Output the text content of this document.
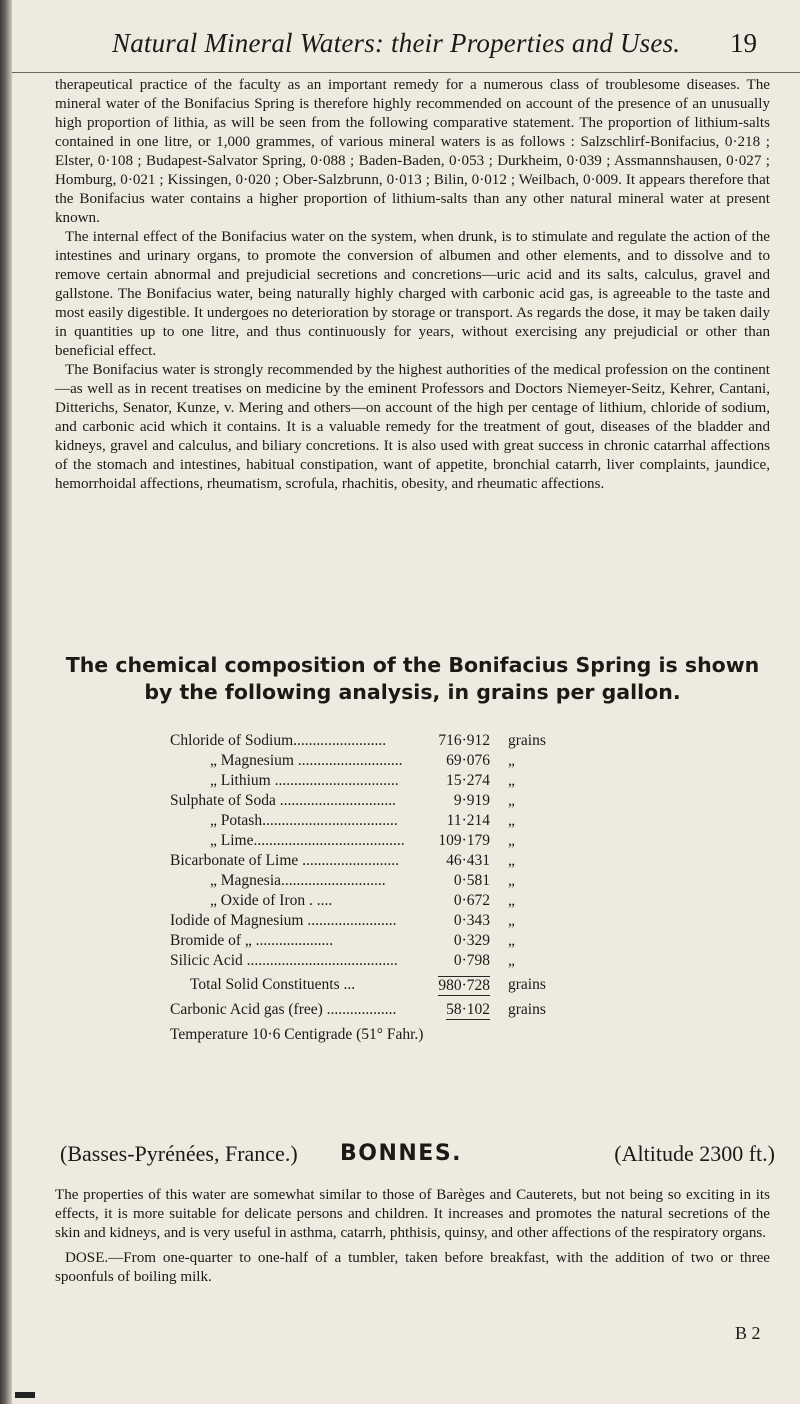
Natural Mineral Waters: their Properties and Uses. 19

therapeutical practice of the faculty as an important remedy for a numerous class of troublesome diseases. The mineral water of the Bonifacius Spring is therefore highly recommended on account of the presence of an unusually high proportion of lithia, as will be seen from the following comparative statement. The proportion of lithium-salts contained in one litre, or 1,000 grammes, of various mineral waters is as follows : Salzschlirf-Bonifacius, 0·218 ; Elster, 0·108 ; Budapest-Salvator Spring, 0·088 ; Baden-Baden, 0·053 ; Durkheim, 0·039 ; Assmannshausen, 0·027 ; Homburg, 0·021 ; Kissingen, 0·020 ; Ober-Salzbrunn, 0·013 ; Bilin, 0·012 ; Weilbach, 0·009. It appears therefore that the Bonifacius water contains a higher proportion of lithium-salts than any other natural mineral water at present known.

The internal effect of the Bonifacius water on the system, when drunk, is to stimulate and regulate the action of the intestines and urinary organs, to promote the conversion of albumen and other elements, and to dissolve and to remove certain abnormal and prejudicial secretions and concretions—uric acid and its salts, calculus, gravel and gallstone. The Bonifacius water, being naturally highly charged with carbonic acid gas, is agreeable to the taste and most easily digestible. It undergoes no deterioration by storage or transport. As regards the dose, it may be taken daily in quantities up to one litre, and thus continuously for years, without exercising any prejudicial or other than beneficial effect.

The Bonifacius water is strongly recommended by the highest authorities of the medical profession on the continent—as well as in recent treatises on medicine by the eminent Professors and Doctors Niemeyer-Seitz, Kehrer, Cantani, Ditterichs, Senator, Kunze, v. Mering and others—on account of the high per centage of lithium, chloride of sodium, and carbonic acid which it contains. It is a valuable remedy for the treatment of gout, diseases of the bladder and kidneys, gravel and calculus, and biliary concretions. It is also used with great success in chronic catarrhal affections of the stomach and intestines, habitual constipation, want of appetite, bronchial catarrh, liver complaints, jaundice, hemorrhoidal affections, rheumatism, scrofula, rhachitis, obesity, and rheumatic affections.

The chemical composition of the Bonifacius Spring is shown by the following analysis, in grains per gallon.
Chloride of Sodium........................	716·912 grains
„ Magnesium ...........................	69·076 „
„ Lithium ................................	15·274 „
Sulphate of Soda ..............................	9·919 „
„ Potash...................................	11·214 „
„ Lime....................................... 109·179 „
Bicarbonate of Lime .........................	46·431 „
„ Magnesia...........................	0·581 „
„ Oxide of Iron . ....	0·672 „
Iodide of Magnesium .......................	0·343 „
Bromide of „ ....................	0·329 „
Silicic Acid .......................................	0·798 „
Total Solid Constituents ...	980·728 grains
Carbonic Acid gas (free) ..................	58·102 grains
Temperature 10·6 Centigrade (51° Fahr.)
(Basses-Pyrénées, France.) BONNES.	(Altitude 2300 ft.)

The properties of this water are somewhat similar to those of Barèges and Cauterets, but not being so exciting in its effects, it is more suitable for delicate persons and children. It increases and promotes the natural secretions of the skin and kidneys, and is very useful in asthma, catarrh, phthisis, quinsy, and other affections of the respiratory organs.

DOSE.—From one-quarter to one-half of a tumbler, taken before breakfast, with the addition of two or three spoonfuls of boiling milk.

B 2
